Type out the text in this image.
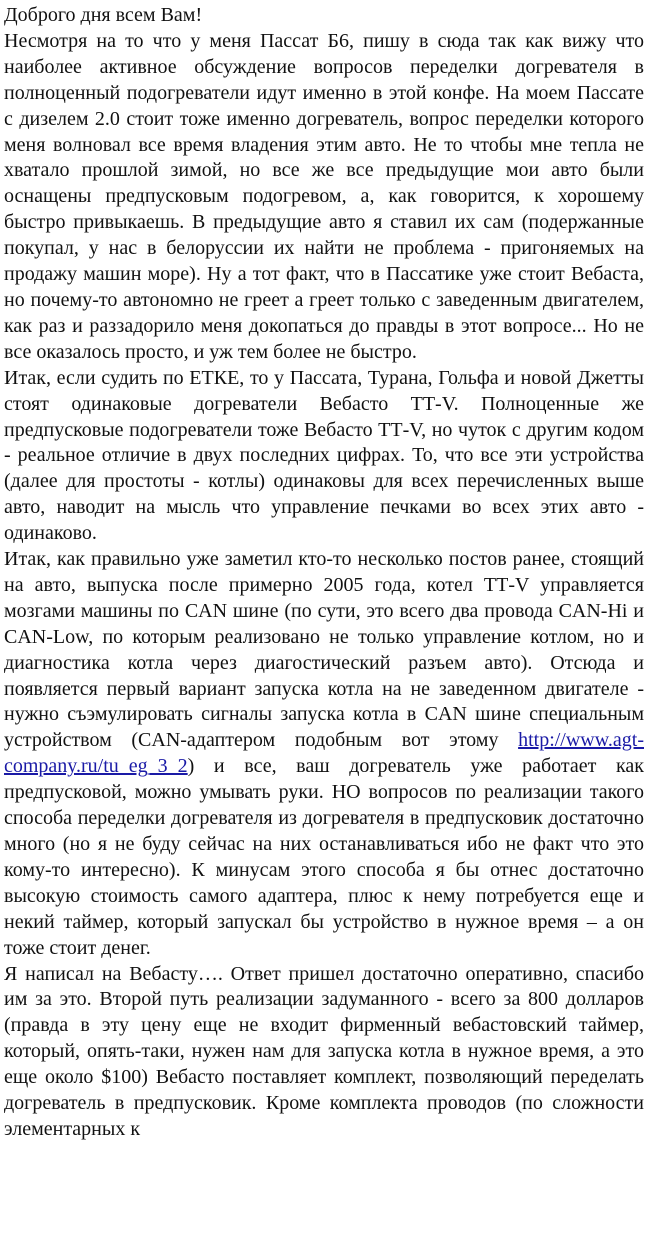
Доброго дня всем Вам!

Несмотря на то что у меня Пассат Б6, пишу в сюда так как вижу что наиболее активное обсуждение вопросов переделки догревателя в полноценный подогреватели идут именно в этой конфе. На моем Пассате с дизелем 2.0 стоит тоже именно догреватель, вопрос переделки которого меня волновал все время владения этим авто. Не то чтобы мне тепла не хватало прошлой зимой, но все же все предыдущие мои авто были оснащены предпусковым подогревом, а, как говорится, к хорошему быстро привыкаешь. В предыдущие авто я ставил их сам (подержанные покупал, у нас в белоруссии их найти не проблема - пригоняемых на продажу машин море). Ну а тот факт, что в Пассатике уже стоит Вебаста, но почему-то автономно не греет а греет только с заведенным двигателем, как раз и раззадорило меня докопаться до правды в этот вопросе... Но не все оказалось просто, и уж тем более не быстро.

Итак, если судить по ЕТКЕ, то у Пассата, Турана, Гольфа и новой Джетты стоят одинаковые догреватели Вебасто ТТ-V. Полноценные же предпусковые подогреватели тоже Вебасто ТТ-V, но чуток с другим кодом - реальное отличие в двух последних цифрах. То, что все эти устройства (далее для простоты - котлы) одинаковы для всех перечисленных выше авто, наводит на мысль что управление печками во всех этих авто - одинаково.

Итак, как правильно уже заметил кто-то несколько постов ранее, стоящий на авто, выпуска после примерно 2005 года, котел ТТ-V управляется мозгами машины по CAN шине (по сути, это всего два провода CAN-Hi и CAN-Low, по которым реализовано не только управление котлом, но и диагностика котла через диагостический разъем авто). Отсюда и появляется первый вариант запуска котла на не заведенном двигателе - нужно съэмулировать сигналы запуска котла в CAN шине специальным устройством (CAN-адаптером подобным вот этому http://www.agt-company.ru/tu_eg_3_2) и все, ваш догреватель уже работает как предпусковой, можно умывать руки. НО вопросов по реализации такого способа переделки догревателя из догревателя в предпусковик достаточно много (но я не буду сейчас на них останавливаться ибо не факт что это кому-то интересно). К минусам этого способа я бы отнес достаточно высокую стоимость самого адаптера, плюс к нему потребуется еще и некий таймер, который запускал бы устройство в нужное время – а он тоже стоит денег.

Я написал на Вебасту…. Ответ пришел достаточно оперативно, спасибо им за это. Второй путь реализации задуманного - всего за 800 долларов (правда в эту цену еще не входит фирменный вебастовский таймер, который, опять-таки, нужен нам для запуска котла в нужное время, а это еще около $100) Вебасто поставляет комплект, позволяющий переделать догреватель в предпусковик. Кроме комплекта проводов (по сложности элементарных к
